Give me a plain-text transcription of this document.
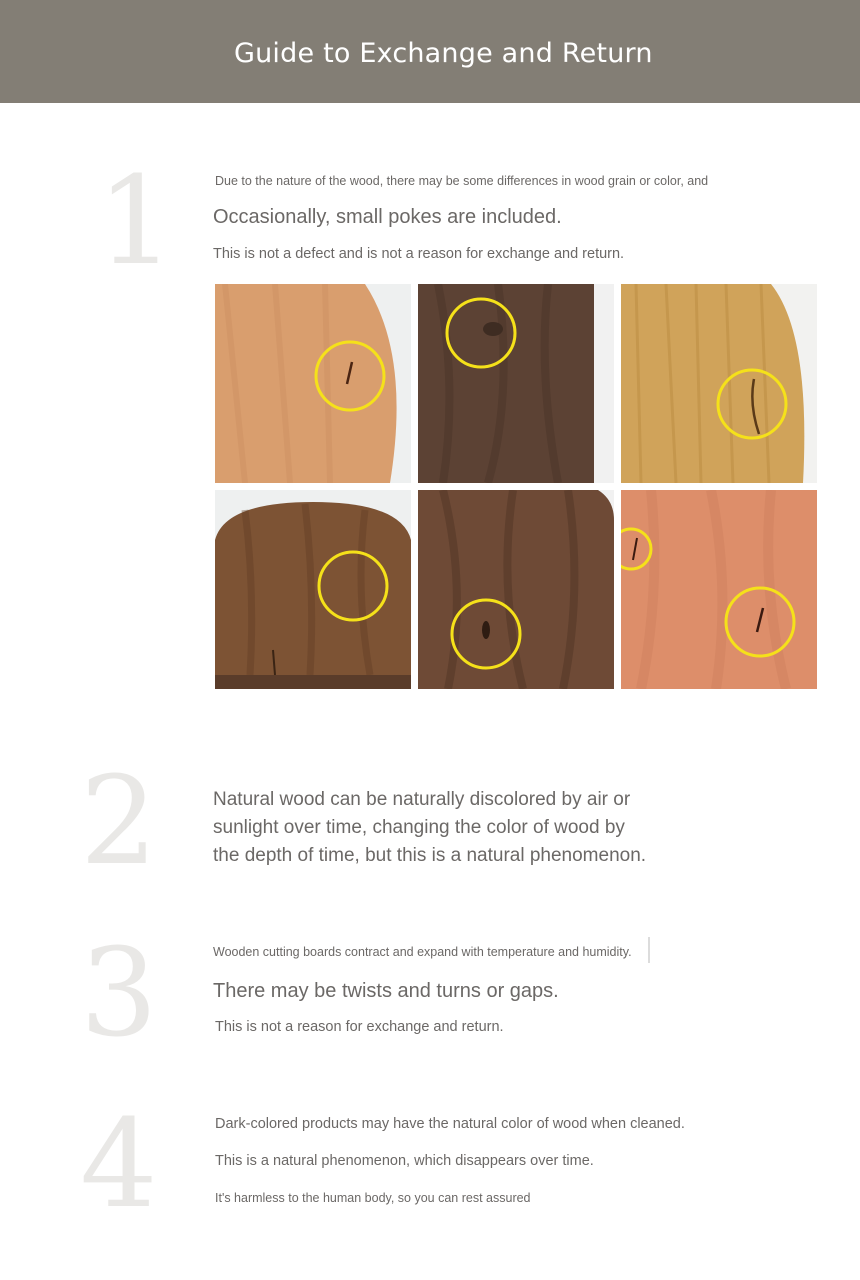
Guide to Exchange and Return
1	Due to the nature of the wood, there may be some differences in wood grain or color, and
Occasionally, small pokes are included.
This is not a defect and is not a reason for exchange and return.
2	Natural wood can be naturally discolored by air or
sunlight over time, changing the color of wood by
the depth of time, but this is a natural phenomenon.
3	Wooden cutting boards contract and expand with temperature and humidity.
There may be twists and turns or gaps.
This is not a reason for exchange and return.
4	Dark-colored products may have the natural color of wood when cleaned.
This is a natural phenomenon, which disappears over time.
It's harmless to the human body, so you can rest assured
